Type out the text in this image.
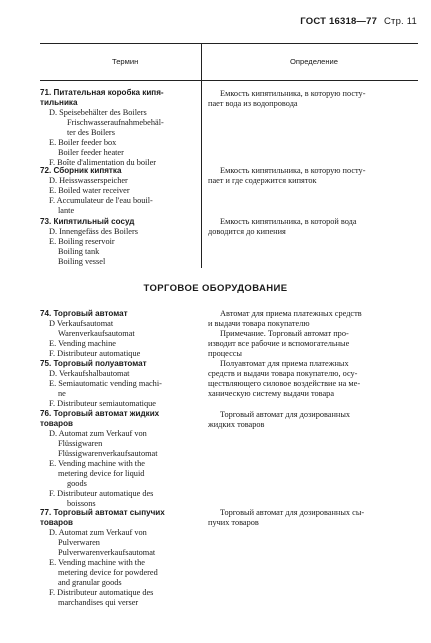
ГОСТ 16318—77 Стр. 11
Термин	Определение
71. Питательная коробка кипя-
тильника
D. Speisebehälter des Boilers
Frischwasseraufnahmebehäl-
ter des Boilers
E. Boiler feeder box
Boiler feeder heater
F. Boîte d'alimentation du boiler
Емкость кипятильника, в которую посту-
пает вода из водопровода
72. Сборник кипятка
D. Heisswasserspeicher
E. Boiled water receiver
F. Accumulateur de l'eau bouil-
lante
Емкость кипятильника, в которую посту-
пает и где содержится кипяток
73. Кипятильный сосуд
D. Innengefäss des Boilers
E. Boiling reservoir
Boiling tank
Boiling vessel
Емкость кипятильника, в которой вода
доводится до кипения
ТОРГОВОЕ ОБОРУДОВАНИЕ
74. Торговый автомат
D Verkaufsautomat
Warenverkaufsautomat
E. Vending machine
F. Distributeur automatique
Автомат для приема платежных средств
и выдачи товара покупателю
Примечание. Торговый автомат про-
изводит все рабочие и вспомогательные
процессы
75. Торговый полуавтомат
D. Verkaufshalbautomat
E. Semiautomatic vending machi-
ne
F. Distributeur semiautomatique
Полуавтомат для приема платежных
средств и выдачи товара покупателю, осу-
ществляющего силовое воздействие на ме-
ханическую систему выдачи товара
76. Торговый автомат жидких
товаров
D. Automat zum Verkauf von
Flüssigwaren
Flüssigwarenverkaufsautomat
E. Vending machine with the
metering device for liquid
goods
F. Distributeur automatique des
boissons
Торговый автомат для дозированных
жидких товаров
77. Торговый автомат сыпучих
товаров
D. Automat zum Verkauf von
Pulverwaren
Pulverwarenverkaufsautomat
E. Vending machine with the
metering device for powdered
and granular goods
F. Distributeur automatique des
marchandises qui verser
Торговый автомат для дозированных сы-
пучих товаров
